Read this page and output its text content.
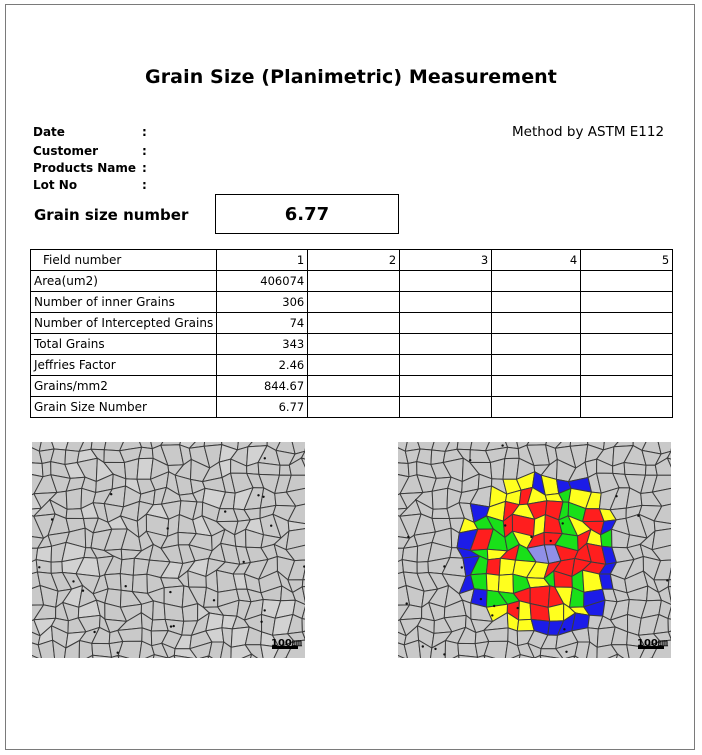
Grain Size (Planimetric) Measurement
Date	:
Customer	:
Products Name :
Lot No	:
Method by ASTM E112
Grain size number	6.77
Field number	1	2	3	4	5
Area(um2)	406074				
Number of inner Grains	306				
Number of Intercepted Grains	74				
Total Grains	343				
Jeffries Factor	2.46				
Grains/mm2	844.67				
Grain Size Number	6.77				
100㎛	100㎛
